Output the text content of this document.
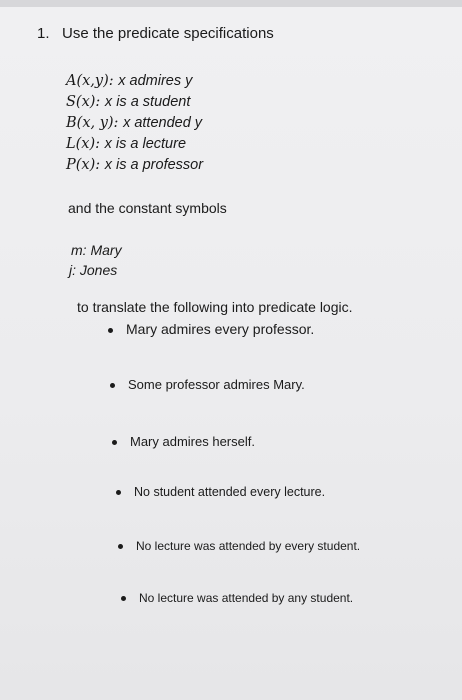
1. Use the predicate specifications
A(x,y): x admires y
S(x): x is a student
B(x, y): x attended y
L(x): x is a lecture
P(x): x is a professor
and the constant symbols
m: Mary
j: Jones
to translate the following into predicate logic.
Mary admires every professor.
Some professor admires Mary.
Mary admires herself.
No student attended every lecture.
No lecture was attended by every student.
No lecture was attended by any student.
